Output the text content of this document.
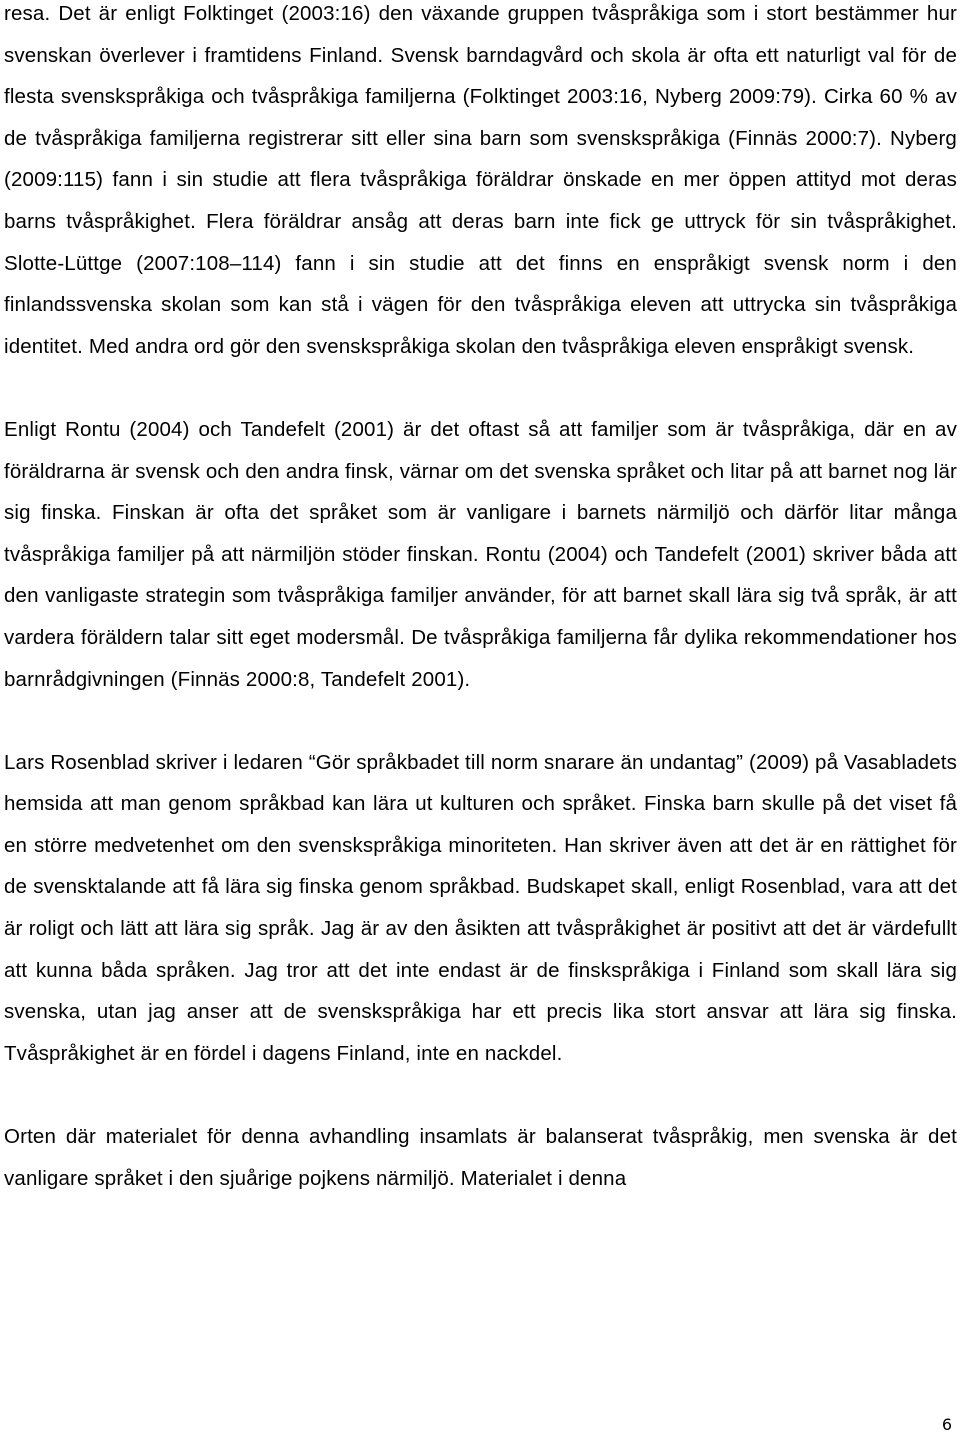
resa. Det är enligt Folktinget (2003:16) den växande gruppen tvåspråkiga som i stort bestämmer hur svenskan överlever i framtidens Finland. Svensk barndagvård och skola är ofta ett naturligt val för de flesta svenskspråkiga och tvåspråkiga familjerna (Folktinget 2003:16, Nyberg 2009:79). Cirka 60 % av de tvåspråkiga familjerna registrerar sitt eller sina barn som svenskspråkiga (Finnäs 2000:7). Nyberg (2009:115) fann i sin studie att flera tvåspråkiga föräldrar önskade en mer öppen attityd mot deras barns tvåspråkighet. Flera föräldrar ansåg att deras barn inte fick ge uttryck för sin tvåspråkighet. Slotte-Lüttge (2007:108–114) fann i sin studie att det finns en enspråkigt svensk norm i den finlandssvenska skolan som kan stå i vägen för den tvåspråkiga eleven att uttrycka sin tvåspråkiga identitet. Med andra ord gör den svenskspråkiga skolan den tvåspråkiga eleven enspråkigt svensk.

Enligt Rontu (2004) och Tandefelt (2001) är det oftast så att familjer som är tvåspråkiga, där en av föräldrarna är svensk och den andra finsk, värnar om det svenska språket och litar på att barnet nog lär sig finska. Finskan är ofta det språket som är vanligare i barnets närmiljö och därför litar många tvåspråkiga familjer på att närmiljön stöder finskan. Rontu (2004) och Tandefelt (2001) skriver båda att den vanligaste strategin som tvåspråkiga familjer använder, för att barnet skall lära sig två språk, är att vardera föräldern talar sitt eget modersmål. De tvåspråkiga familjerna får dylika rekommendationer hos barnrådgivningen (Finnäs 2000:8, Tandefelt 2001).

Lars Rosenblad skriver i ledaren “Gör språkbadet till norm snarare än undantag” (2009) på Vasabladets hemsida att man genom språkbad kan lära ut kulturen och språket. Finska barn skulle på det viset få en större medvetenhet om den svenskspråkiga minoriteten. Han skriver även att det är en rättighet för de svensktalande att få lära sig finska genom språkbad. Budskapet skall, enligt Rosenblad, vara att det är roligt och lätt att lära sig språk. Jag är av den åsikten att tvåspråkighet är positivt att det är värdefullt att kunna båda språken. Jag tror att det inte endast är de finskspråkiga i Finland som skall lära sig svenska, utan jag anser att de svenskspråkiga har ett precis lika stort ansvar att lära sig finska. Tvåspråkighet är en fördel i dagens Finland, inte en nackdel.

Orten där materialet för denna avhandling insamlats är balanserat tvåspråkig, men svenska är det vanligare språket i den sjuårige pojkens närmiljö. Materialet i denna

6
